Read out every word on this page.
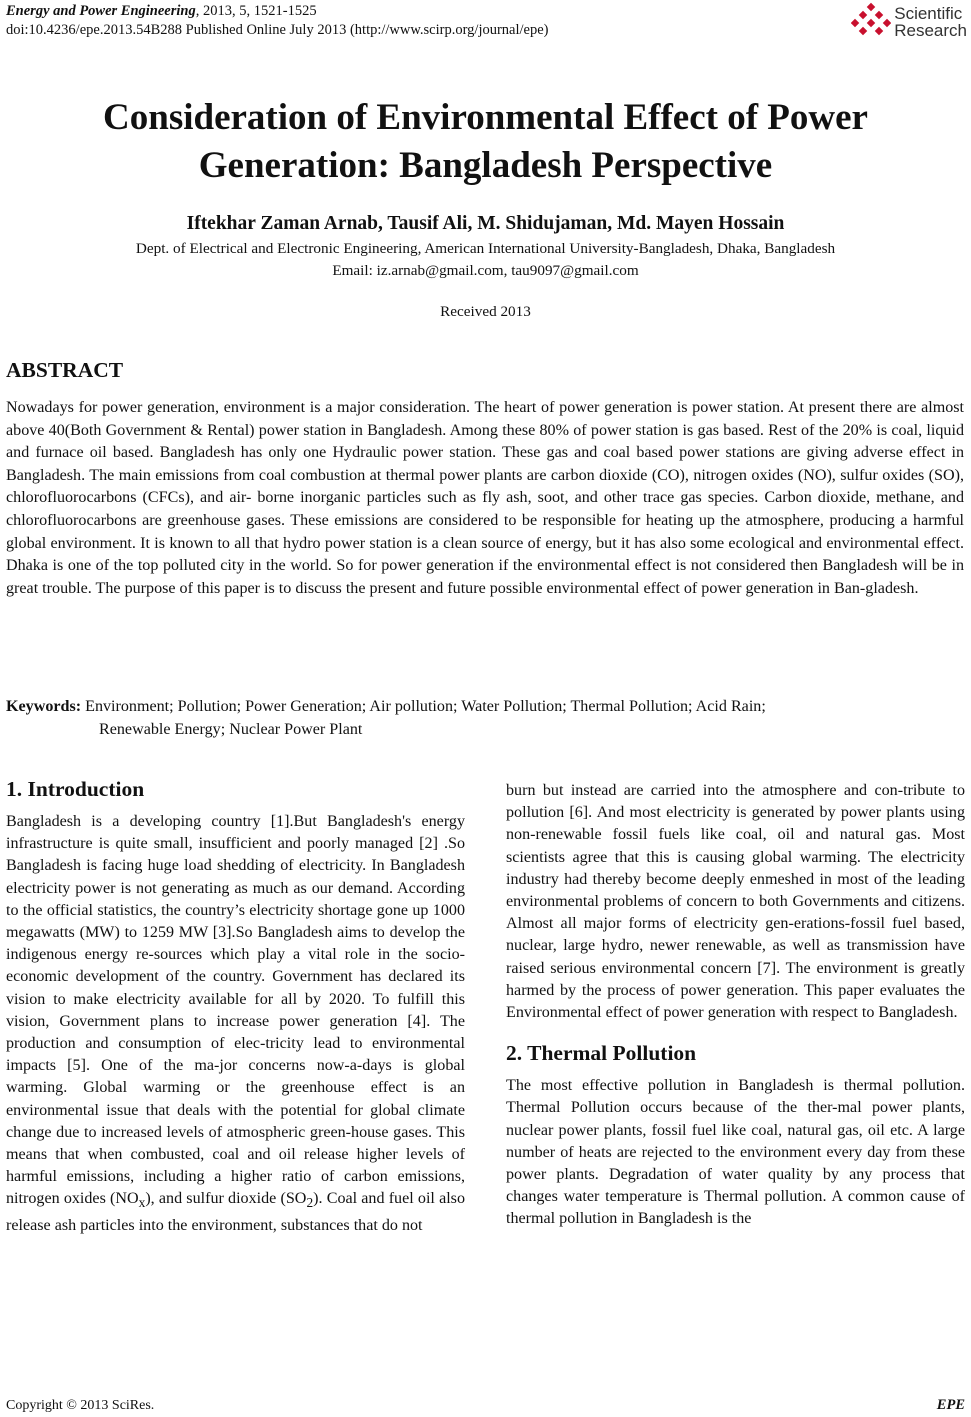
Energy and Power Engineering, 2013, 5, 1521-1525
doi:10.4236/epe.2013.54B288 Published Online July 2013 (http://www.scirp.org/journal/epe)
Scientific
Research
Consideration of Environmental Effect of Power
Generation: Bangladesh Perspective
Iftekhar Zaman Arnab, Tausif Ali, M. Shidujaman, Md. Mayen Hossain
Dept. of Electrical and Electronic Engineering, American International University-Bangladesh, Dhaka, Bangladesh
Email: iz.arnab@gmail.com, tau9097@gmail.com
Received 2013
ABSTRACT

Nowadays for power generation, environment is a major consideration. The heart of power generation is power station. At present there are almost above 40(Both Government & Rental) power station in Bangladesh. Among these 80% of power station is gas based. Rest of the 20% is coal, liquid and furnace oil based. Bangladesh has only one Hydraulic power station. These gas and coal based power stations are giving adverse effect in Bangladesh. The main emissions from coal combustion at thermal power plants are carbon dioxide (CO), nitrogen oxides (NO), sulfur oxides (SO), chlorofluorocarbons (CFCs), and air- borne inorganic particles such as fly ash, soot, and other trace gas species. Carbon dioxide, methane, and chlorofluorocarbons are greenhouse gases. These emissions are considered to be responsible for heating up the atmosphere, producing a harmful global environment. It is known to all that hydro power station is a clean source of energy, but it has also some ecological and environmental effect. Dhaka is one of the top polluted city in the world. So for power generation if the environmental effect is not considered then Bangladesh will be in great trouble. The purpose of this paper is to discuss the present and future possible environmental effect of power generation in Ban-gladesh.

Keywords: Environment; Pollution; Power Generation; Air pollution; Water Pollution; Thermal Pollution; Acid Rain;
Renewable Energy; Nuclear Power Plant
1. Introduction

Bangladesh is a developing country [1].But Bangladesh's energy infrastructure is quite small, insufficient and poorly managed [2] .So Bangladesh is facing huge load shedding of electricity. In Bangladesh electricity power is not generating as much as our demand. According to the official statistics, the country’s electricity shortage gone up 1000 megawatts (MW) to 1259 MW [3].So Bangladesh aims to develop the indigenous energy re-sources which play a vital role in the socio-economic development of the country. Government has declared its vision to make electricity available for all by 2020. To fulfill this vision, Government plans to increase power generation [4]. The production and consumption of elec-tricity lead to environmental impacts [5]. One of the ma-jor concerns now-a-days is global warming. Global warming or the greenhouse effect is an environmental issue that deals with the potential for global climate change due to increased levels of atmospheric green-house gases. This means that when combusted, coal and oil release higher levels of harmful emissions, including a higher ratio of carbon emissions, nitrogen oxides $(NO_x)$, and sulfur dioxide $(SO_2)$. Coal and fuel oil also release ash particles into the environment, substances that do not

burn but instead are carried into the atmosphere and con-tribute to pollution [6]. And most electricity is generated by power plants using non-renewable fossil fuels like coal, oil and natural gas. Most scientists agree that this is causing global warming. The electricity industry had thereby become deeply enmeshed in most of the leading environmental problems of concern to both Governments and citizens. Almost all major forms of electricity gen-erations-fossil fuel based, nuclear, large hydro, newer renewable, as well as transmission have raised serious environmental concern [7]. The environment is greatly harmed by the process of power generation. This paper evaluates the Environmental effect of power generation with respect to Bangladesh.

2. Thermal Pollution

The most effective pollution in Bangladesh is thermal pollution. Thermal Pollution occurs because of the ther-mal power plants, nuclear power plants, fossil fuel like coal, natural gas, oil etc. A large number of heats are rejected to the environment every day from these power plants. Degradation of water quality by any process that changes water temperature is Thermal pollution. A common cause of thermal pollution in Bangladesh is the

Copyright © 2013 SciRes.	EPE
